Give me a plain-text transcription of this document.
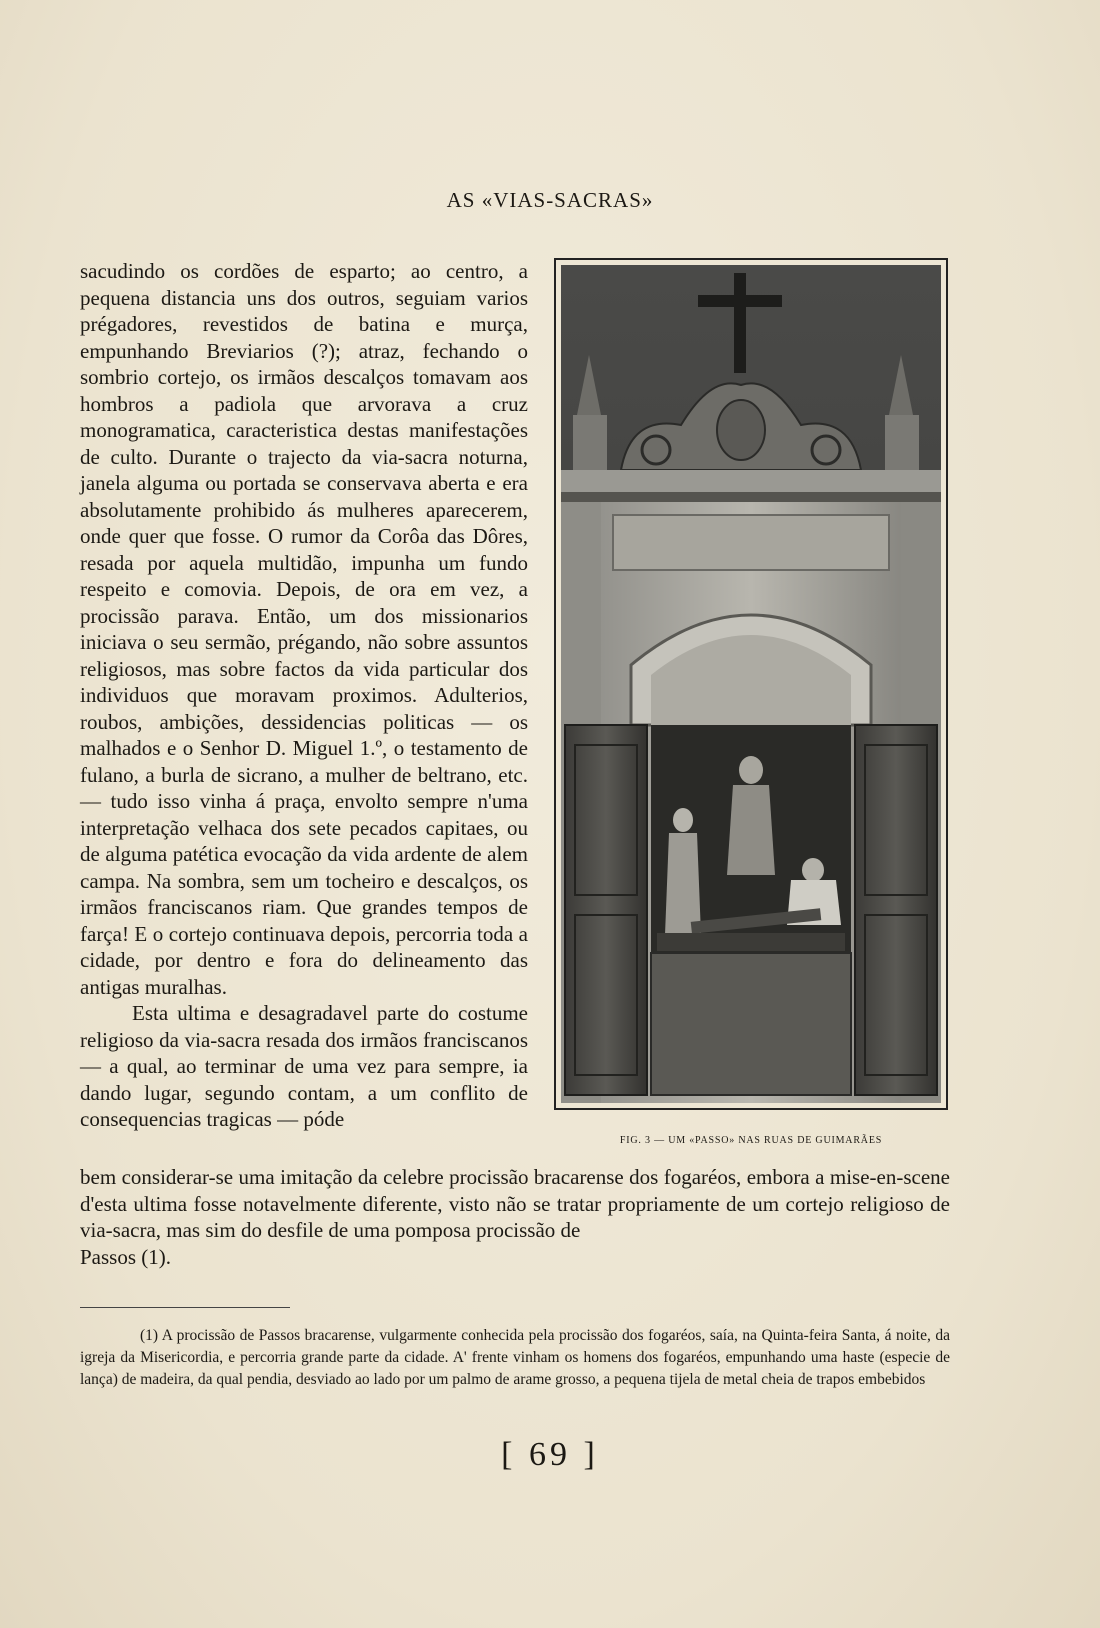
AS «VIAS-SACRAS»

sacudindo os cordões de esparto; ao centro, a pequena distancia uns dos outros, seguiam varios prégadores, revestidos de batina e murça, empunhando Breviarios (?); atraz, fechando o sombrio cortejo, os irmãos descalços tomavam aos hombros a padiola que arvorava a cruz monogramatica, caracteristica destas manifestações de culto. Durante o trajecto da via-sacra noturna, janela alguma ou portada se conservava aberta e era absolutamente prohibido ás mulheres aparecerem, onde quer que fosse. O rumor da Corôa das Dôres, resada por aquela multidão, impunha um fundo respeito e comovia. Depois, de ora em vez, a procissão parava. Então, um dos missionarios iniciava o seu sermão, prégando, não sobre assuntos religiosos, mas sobre factos da vida particular dos individuos que moravam proximos. Adulterios, roubos, ambições, dessidencias politicas — os malhados e o Senhor D. Miguel 1.º, o testamento de fulano, a burla de sicrano, a mulher de beltrano, etc. — tudo isso vinha á praça, envolto sempre n'uma interpretação velhaca dos sete pecados capitaes, ou de alguma patética evocação da vida ardente de alem campa. Na sombra, sem um tocheiro e descalços, os irmãos franciscanos riam. Que grandes tempos de farça! E o cortejo continuava depois, percorria toda a cidade, por dentro e fora do delineamento das antigas muralhas.

Esta ultima e desagradavel parte do costume religioso da via-sacra resada dos irmãos franciscanos — a qual, ao terminar de uma vez para sempre, ia dando lugar, segundo contam, a um conflito de consequencias tragicas — póde

FIG. 3 — UM «PASSO» NAS RUAS DE GUIMARÃES

bem considerar-se uma imitação da celebre procissão bracarense dos fogaréos, embora a mise-en-scene d'esta ultima fosse notavelmente diferente, visto não se tratar propriamente de um cortejo religioso de via-sacra, mas sim do desfile de uma pomposa procissão de

Passos (1).

(1) A procissão de Passos bracarense, vulgarmente conhecida pela procissão dos fogaréos, saía, na Quinta-feira Santa, á noite, da igreja da Misericordia, e percorria grande parte da cidade. A' frente vinham os homens dos fogaréos, empunhando uma haste (especie de lança) de madeira, da qual pendia, desviado ao lado por um palmo de arame grosso, a pequena tijela de metal cheia de trapos embebidos

[ 69 ]
